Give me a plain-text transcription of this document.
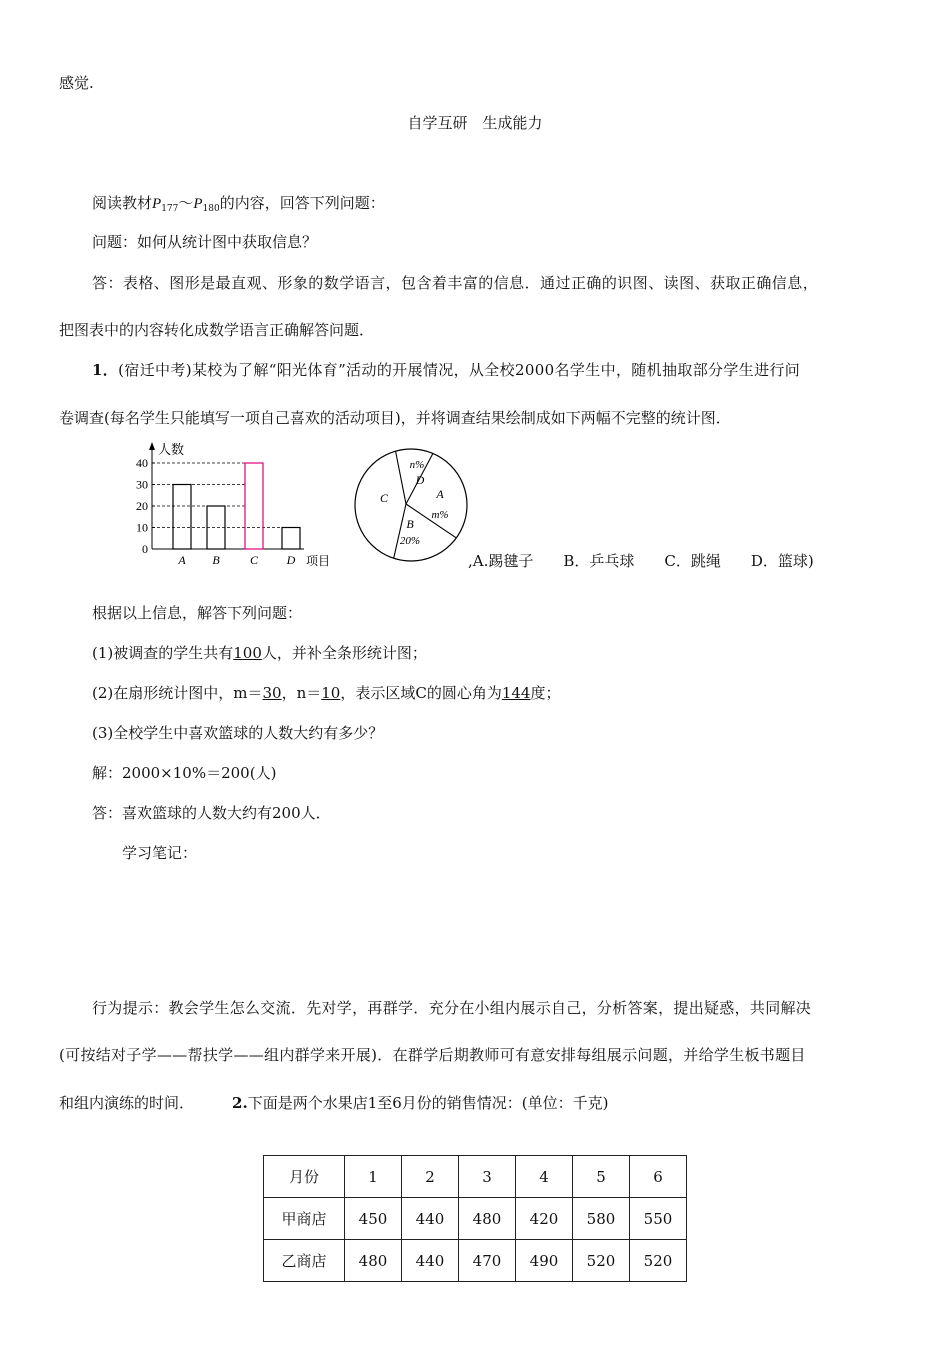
感觉.
自学互研　生成能力
阅读教材$P_{177}\sim P_{180}$的内容，回答下列问题：
问题：如何从统计图中获取信息？
答：表格、图形是最直观、形象的数学语言，包含着丰富的信息．通过正确的识图、读图、获取正确信息，
把图表中的内容转化成数学语言正确解答问题．
1．(宿迁中考)某校为了解“阳光体育”活动的开展情况，从全校2000名学生中，随机抽取部分学生进行问
卷调查(每名学生只能填写一项自己喜欢的活动项目)，并将调查结果绘制成如下两幅不完整的统计图．
人数
项目
0
10
20
30
40
A B	C D
A
m%
B
20%
C
D
n%
,A.踢毽子　　B．乒乓球　　C．跳绳　　D．篮球)
根据以上信息，解答下列问题：
(1)被调查的学生共有100人，并补全条形统计图；
(2)在扇形统计图中，m＝30，n＝10，表示区域C的圆心角为144度；
(3)全校学生中喜欢篮球的人数大约有多少？
解：2000×10%＝200(人)
答：喜欢篮球的人数大约有200人．
学习笔记：
行为提示：教会学生怎么交流．先对学，再群学．充分在小组内展示自己，分析答案，提出疑惑，共同解决
(可按结对子学——帮扶学——组内群学来开展)．在群学后期教师可有意安排每组展示问题，并给学生板书题目
和组内演练的时间．	2.下面是两个水果店1至6月份的销售情况：(单位：千克)
月份	1	2	3	4	5	6
甲商店	450	440	480	420	580	550
乙商店	480	440	470	490	520	520
